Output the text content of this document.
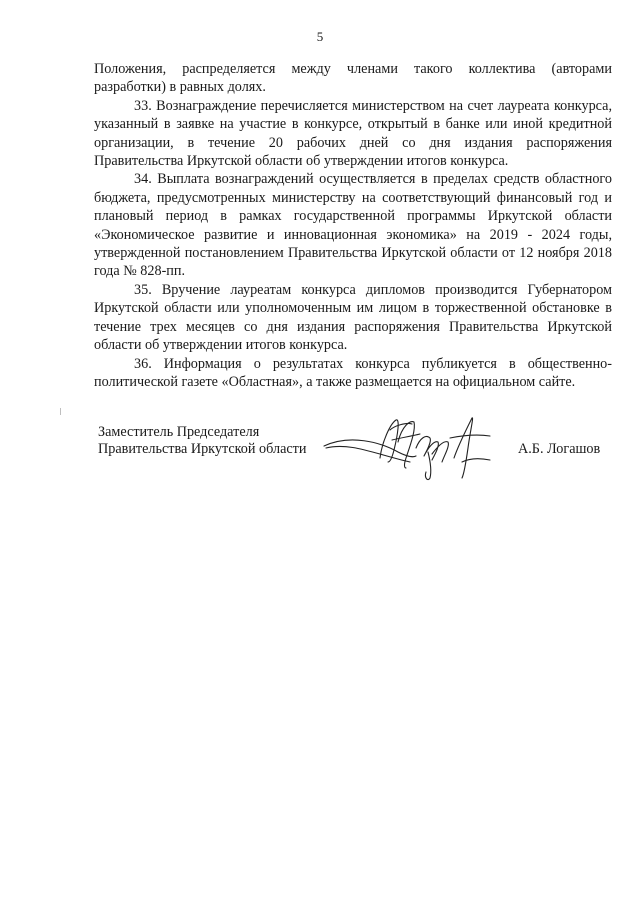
5

Положения, распределяется между членами такого коллектива (авторами разработки) в равных долях.

33. Вознаграждение перечисляется министерством на счет лауреата конкурса, указанный в заявке на участие в конкурсе, открытый в банке или иной кредитной организации, в течение 20 рабочих дней со дня издания распоряжения Правительства Иркутской области об утверждении итогов конкурса.

34. Выплата вознаграждений осуществляется в пределах средств областного бюджета, предусмотренных министерству на соответствующий финансовый год и плановый период в рамках государственной программы Иркутской области «Экономическое развитие и инновационная экономика» на 2019 - 2024 годы, утвержденной постановлением Правительства Иркутской области от 12 ноября 2018 года № 828-пп.

35. Вручение лауреатам конкурса дипломов производится Губернатором Иркутской области или уполномоченным им лицом в торжественной обстановке в течение трех месяцев со дня издания распоряжения Правительства Иркутской области об утверждении итогов конкурса.

36. Информация о результатах конкурса публикуется в общественно-политической газете «Областная», а также размещается на официальном сайте.

Заместитель Председателя
Правительства Иркутской области	А.Б. Логашов
